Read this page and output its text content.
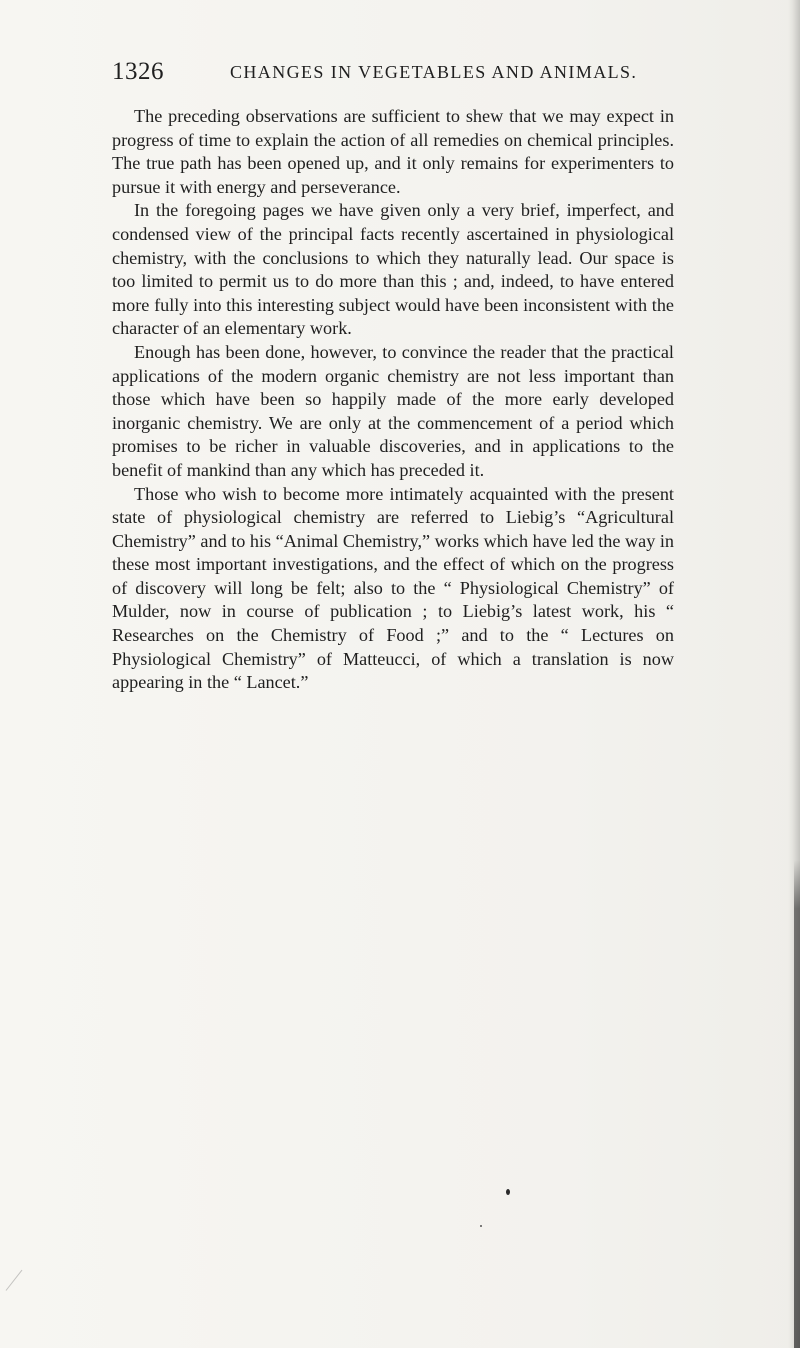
1326	CHANGES IN VEGETABLES AND ANIMALS.

The preceding observations are sufficient to shew that we may expect in progress of time to explain the action of all remedies on chemical principles. The true path has been opened up, and it only remains for experimenters to pursue it with energy and perseverance.

In the foregoing pages we have given only a very brief, imperfect, and condensed view of the principal facts recently ascertained in physiological chemistry, with the conclusions to which they naturally lead. Our space is too limited to permit us to do more than this ; and, indeed, to have entered more fully into this interesting subject would have been inconsistent with the character of an elementary work.

Enough has been done, however, to convince the reader that the practical applications of the modern organic chemistry are not less important than those which have been so happily made of the more early developed inorganic chemistry. We are only at the commencement of a period which promises to be richer in valuable discoveries, and in applications to the benefit of mankind than any which has preceded it.

Those who wish to become more intimately acquainted with the present state of physiological chemistry are referred to Liebig’s “Agricultural Chemistry” and to his “Animal Chemistry,” works which have led the way in these most important investigations, and the effect of which on the progress of discovery will long be felt; also to the “ Physiological Chemistry” of Mulder, now in course of publication ; to Liebig’s latest work, his “ Researches on the Chemistry of Food ;” and to the “ Lectures on Physiological Chemistry” of Matteucci, of which a translation is now appearing in the “ Lancet.”
